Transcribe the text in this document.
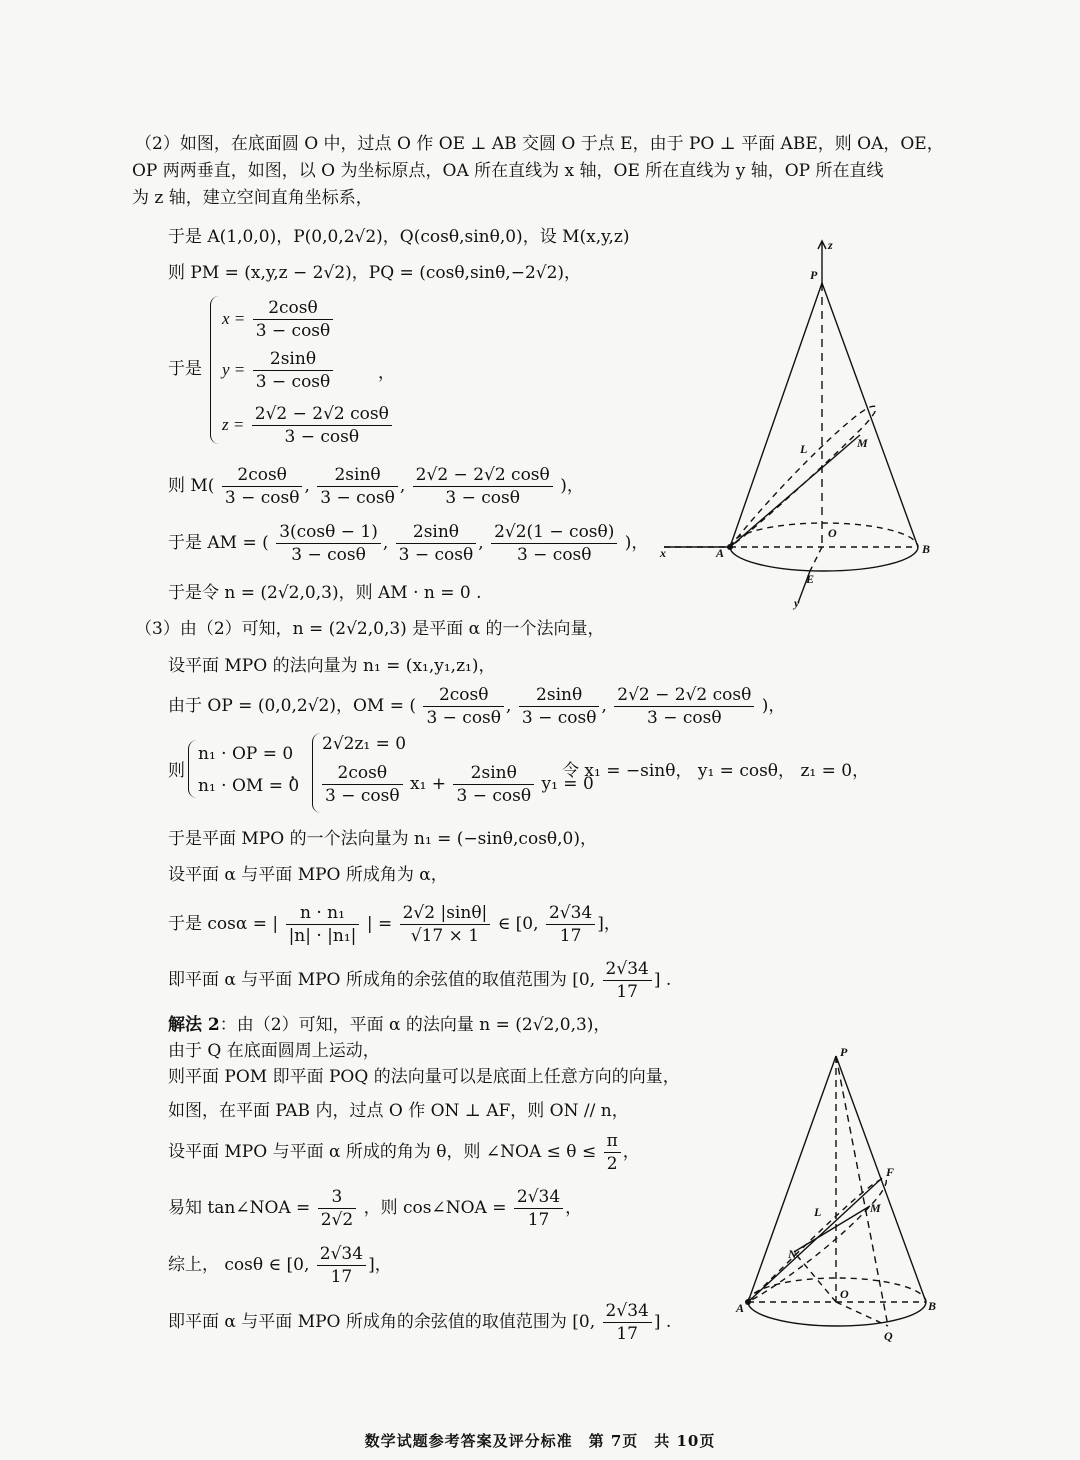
（2）如图，在底面圆 O 中，过点 O 作 OE ⊥ AB 交圆 O 于点 E，由于 PO ⊥ 平面 ABE，则 OA，OE，
OP 两两垂直，如图，以 O 为坐标原点，OA 所在直线为 x 轴，OE 所在直线为 y 轴，OP 所在直线
为 z 轴，建立空间直角坐标系，
于是 A(1,0,0)，P(0,0,2√2)，Q(cosθ,sinθ,0)，设 M(x,y,z)
则 PM = (x,y,z − 2√2)，PQ = (cosθ,sinθ,−2√2)，
于是
$x = \frac{2\cos\theta}{3 - \cos\theta}$
$y = \frac{2\sin\theta}{3 - \cos\theta}$
$z = \frac{2√2 - 2√2 \cos\theta}{3 - \cos\theta}$
，
则 $M( \frac{2\cos\theta}{3 - \cos\theta}$ , $\frac{2\sin\theta}{3 - \cos\theta}$ , $\frac{2√2 - 2√2 \cos\theta}{3 - \cos\theta}$ )，
于是 AM = ( $\frac{3(\cos\theta - 1)}{3 - \cos\theta}$ , $\frac{2\sin\theta}{3 - \cos\theta}$ , $\frac{2√2(1 - \cos\theta)}{3 - \cos\theta}$ )，
于是令 n = (2√2,0,3)，则 AM · n = 0 .
（3）由（2）可知，n = (2√2,0,3) 是平面 α 的一个法向量，
设平面 MPO 的法向量为 n₁ = (x₁,y₁,z₁)，
由于 OP = (0,0,2√2)，OM = ( $\frac{2\cos\theta}{3 - \cos\theta}$ , $\frac{2\sin\theta}{3 - \cos\theta}$ , $\frac{2√2 - 2√2 \cos\theta}{3 - \cos\theta}$ )，
则
n₁ · OP = 0
n₁ · OM = 0
，
2√2z₁ = 0
$\frac{2\cos\theta}{3 - \cos\theta} x_1 + \frac{2\sin\theta}{3 - \cos\theta} y_1 = 0$
令 x₁ = −sinθ， y₁ = cosθ， z₁ = 0，
于是平面 MPO 的一个法向量为 n₁ = (−sinθ,cosθ,0)，
设平面 α 与平面 MPO 所成角为 α，
于是 cosα = | $\frac{\text{n · n₁}}{\text{|n| · |n₁|}}$ | = $\frac{2√2 |\sin\theta|}{√17 \times 1}$ ∈ [0, $\frac{2√34}{17}$ ]，
即平面 α 与平面 MPO 所成角的余弦值的取值范围为 [0, $\frac{2√34}{17}$ ] .
解法 2：由（2）可知，平面 α 的法向量 n = (2√2,0,3)，
由于 Q 在底面圆周上运动，
则平面 POM 即平面 POQ 的法向量可以是底面上任意方向的向量，
如图，在平面 PAB 内，过点 O 作 ON ⊥ AF，则 ON // n，
设平面 MPO 与平面 α 所成的角为 θ，则 ∠NOA ≤ $\theta \le \frac{\pi}{2}$ ，
易知 tan∠NOA = $\frac{3}{2√2}$ ，则 cos∠NOA = $\frac{2√34}{17}$ ，
综上， cosθ ∈ [0, $\frac{2√34}{17}$ ]，
即平面 α 与平面 MPO 所成角的余弦值的取值范围为 [0, $\frac{2√34}{17}$ ] .
z
P
M
L
O
A	B
x
E
y
P
F
M
L
N
O
A	B
Q
数学试题参考答案及评分标准　第 7页　共 10页
